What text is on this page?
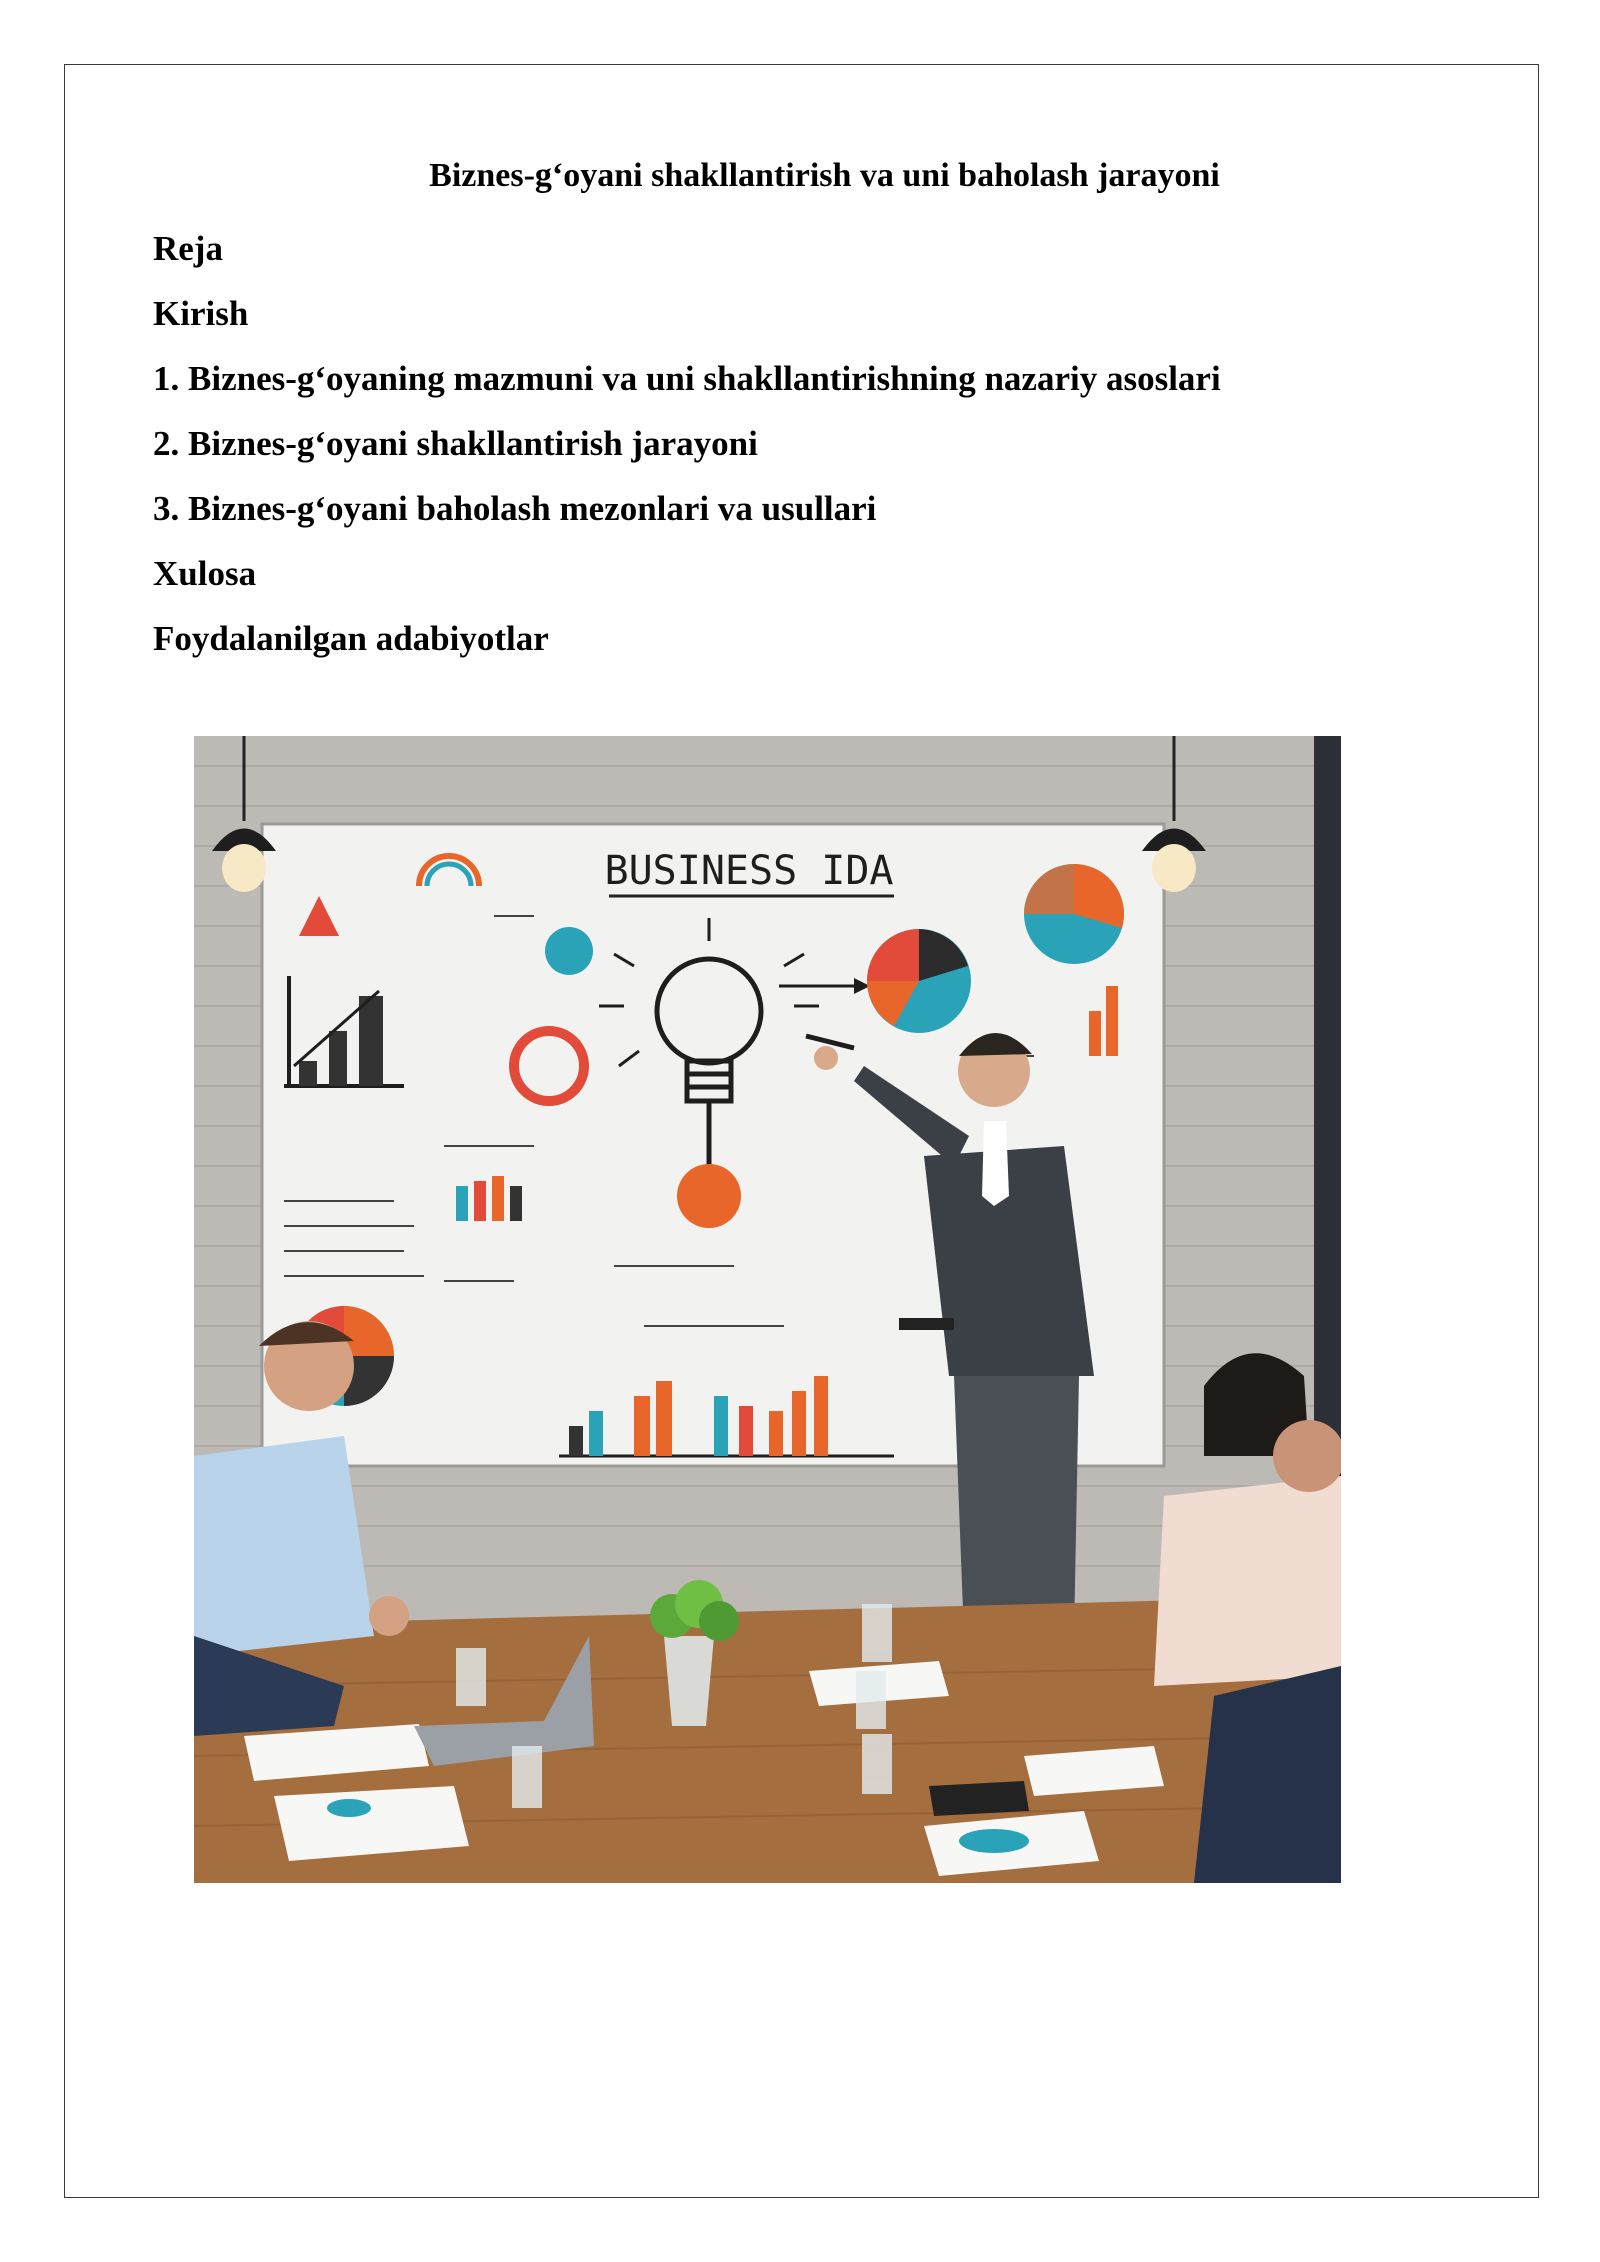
Biznes-g‘oyani shakllantirish va uni baholash jarayoni

Reja

Kirish

1. Biznes-g‘oyaning mazmuni va uni shakllantirishning nazariy asoslari

2. Biznes-g‘oyani shakllantirish jarayoni

3. Biznes-g‘oyani baholash mezonlari va usullari

Xulosa

Foydalanilgan adabiyotlar

BUSINESS IDA
